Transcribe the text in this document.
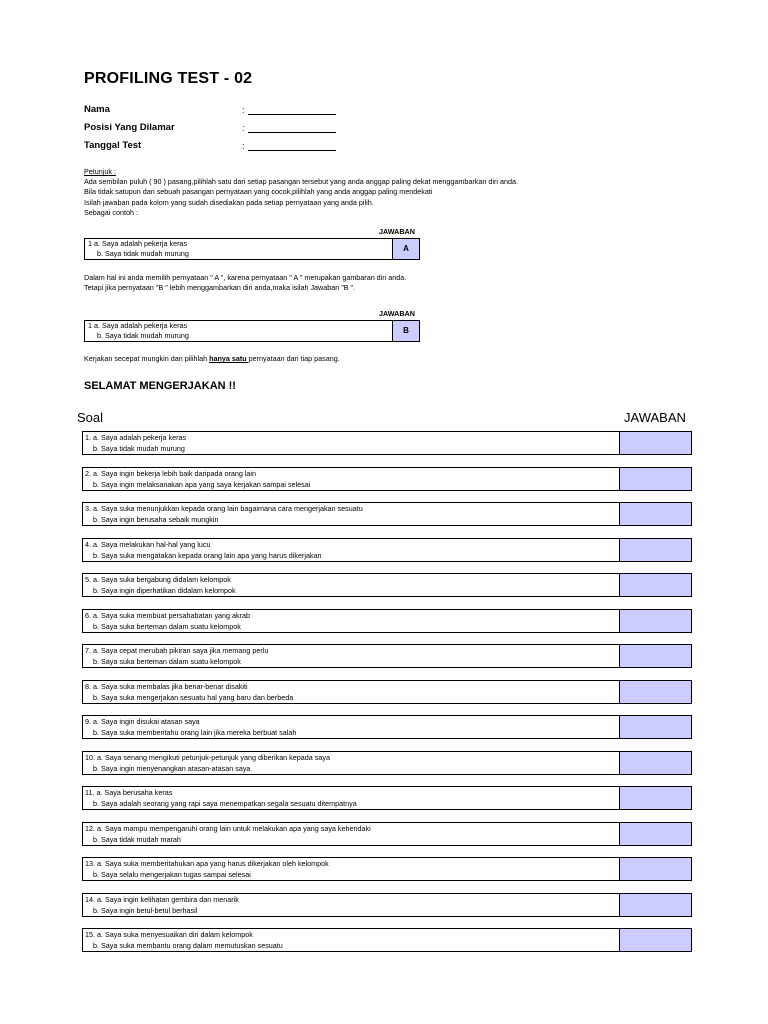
PROFILING TEST - 02
Nama	:
Posisi Yang Dilamar	:
Tanggal Test	:
Petunjuk :
Ada sembilan puluh ( 90 ) pasang,pilihlah satu dari setiap pasangan tersebut yang anda anggap paling dekat menggambarkan diri anda.
Bila tidak satupun dari sebuah pasangan pernyataan yang cocok,pilihlah yang anda anggap paling mendekati
Isilah jawaban pada kolom yang sudah disediakan pada setiap pernyataan yang anda pilih.
Sebagai contoh :
JAWABAN
1 a. Saya adalah pekerja keras
b. Saya tidak mudah murung
A
Dalam hal ini anda memilih pernyataan " A ", karena pernyataan " A " merupakan gambaran diri anda.
Tetapi jika pernyataan "B " lebih menggambarkan diri anda,maka isilah Jawaban "B ".
JAWABAN
1 a. Saya adalah pekerja keras
b. Saya tidak mudah murung
B
Kerjakan secepat mungkin dan pilihlah hanya satu pernyataan dari tiap pasang.
SELAMAT MENGERJAKAN !!
Soal	JAWABAN
1. a. Saya adalah pekerja keras
b. Saya tidak mudah murung
2. a. Saya ingin bekerja lebih baik daripada orang lain
b. Saya ingin melaksanakan apa yang saya kerjakan sampai selesai
3. a. Saya suka menunjukkan kepada orang lain bagaimana cara mengerjakan sesuatu
b. Saya ingin berusaha sebaik mungkin
4. a. Saya melakukan hal-hal yang lucu
b. Saya suka mengatakan kepada orang lain apa yang harus dikerjakan
5. a. Saya suka bergabung didalam kelompok
b. Saya ingin diperhatikan didalam kelompok
6. a. Saya suka membuat persahabatan yang akrab
b. Saya suka berteman dalam suatu kelompok
7. a. Saya cepat merubah pikiran saya jika memang perlu
b. Saya suka berteman dalam suatu kelompok
8. a. Saya suka membalas jika benar-benar disakiti
b. Saya suka mengerjakan sesuatu hal yang baru dan berbeda
9. a. Saya ingin disukai atasan saya
b. Saya suka memberitahu orang lain jika mereka berbuat salah
10. a. Saya senang mengikuti petunjuk-petunjuk yang diberikan kepada saya
b. Saya ingin menyenangkan atasan-atasan saya
11. a. Saya berusaha keras
b. Saya adalah seorang yang rapi saya menempatkan segala sesuatu ditempatnya
12. a. Saya mampu mempengaruhi orang lain untuk melakukan apa yang saya kehendaki
b. Saya tidak mudah marah
13. a. Saya suka memberitahukan apa yang harus dikerjakan oleh kelompok
b. Saya selalu mengerjakan tugas sampai selesai
14. a. Saya ingin kelihatan gembira dan menarik
b. Saya ingin betul-betul berhasil
15. a. Saya suka menyesuaikan diri dalam kelompok
b. Saya suka membantu orang dalam memutuskan sesuatu
